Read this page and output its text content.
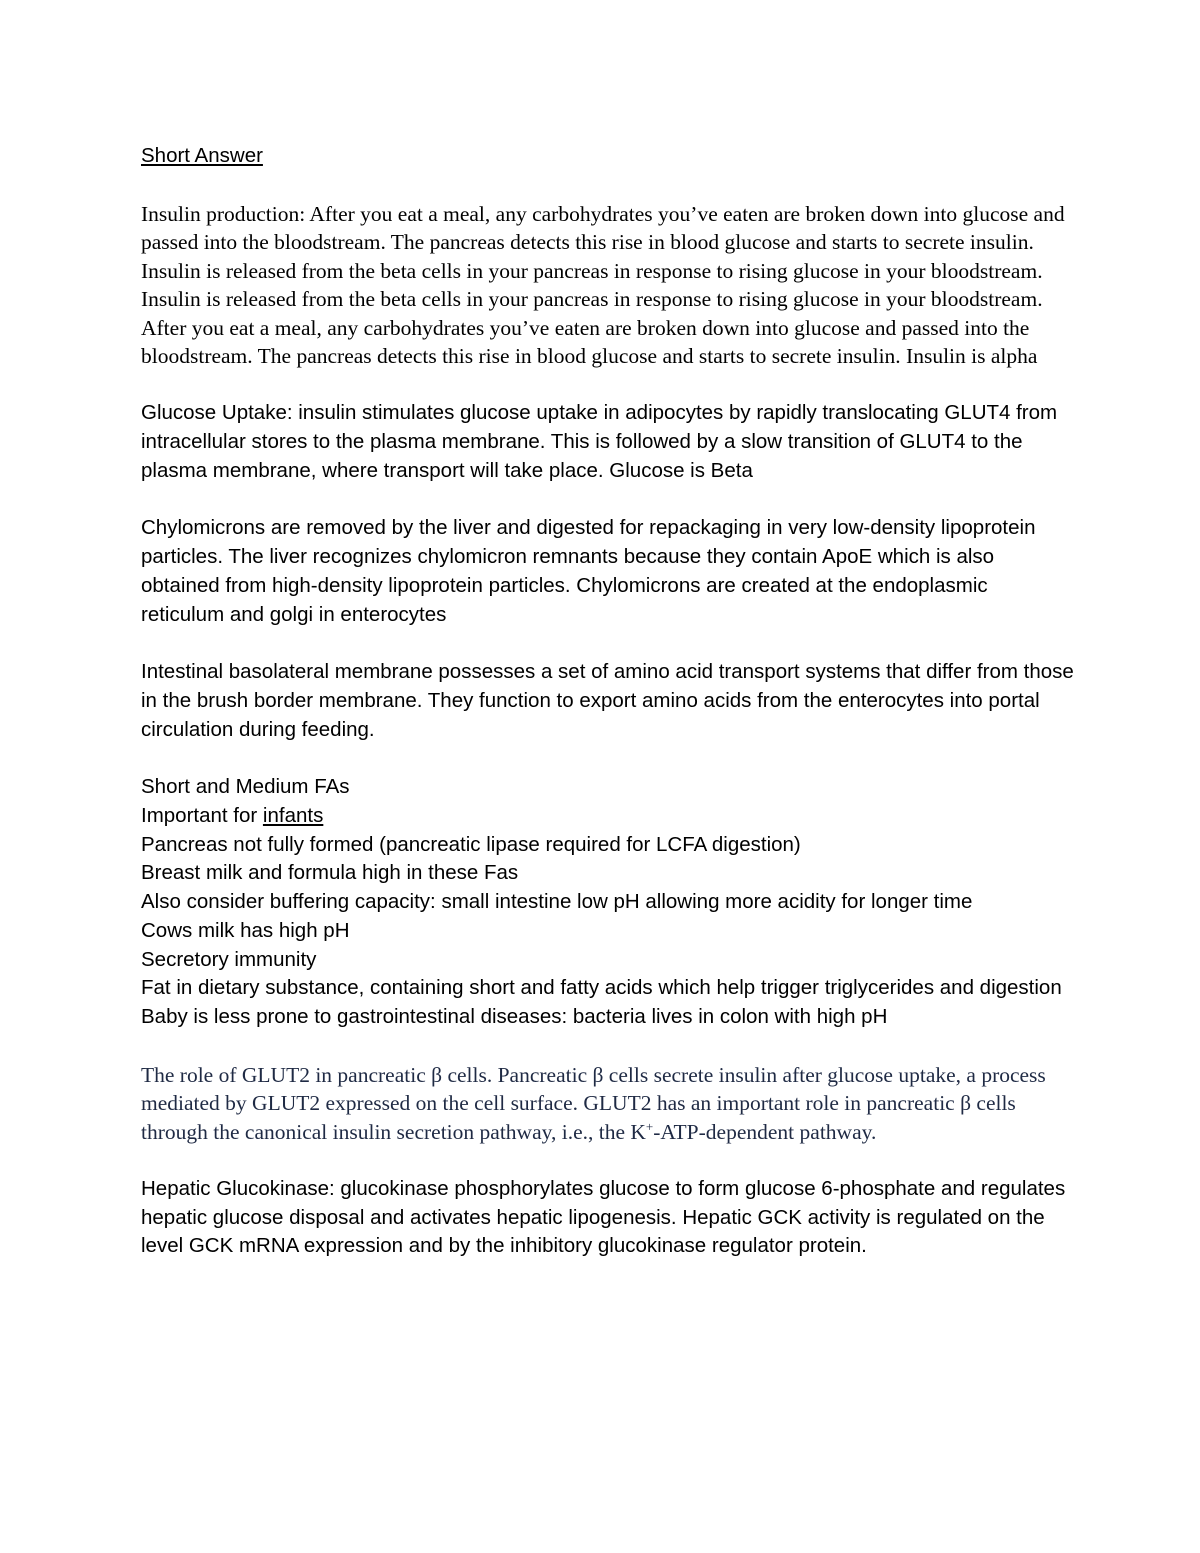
Short Answer

Insulin production: After you eat a meal, any carbohydrates you’ve eaten are broken down into glucose and passed into the bloodstream. The pancreas detects this rise in blood glucose and starts to secrete insulin. Insulin is released from the beta cells in your pancreas in response to rising glucose in your bloodstream. Insulin is released from the beta cells in your pancreas in response to rising glucose in your bloodstream. After you eat a meal, any carbohydrates you’ve eaten are broken down into glucose and passed into the bloodstream. The pancreas detects this rise in blood glucose and starts to secrete insulin. Insulin is alpha

Glucose Uptake: insulin stimulates glucose uptake in adipocytes by rapidly translocating GLUT4 from intracellular stores to the plasma membrane. This is followed by a slow transition of GLUT4 to the plasma membrane, where transport will take place. Glucose is Beta

Chylomicrons are removed by the liver and digested for repackaging in very low-density lipoprotein particles. The liver recognizes chylomicron remnants because they contain ApoE which is also obtained from high-density lipoprotein particles. Chylomicrons are created at the endoplasmic reticulum and golgi in enterocytes

Intestinal basolateral membrane possesses a set of amino acid transport systems that differ from those in the brush border membrane. They function to export amino acids from the enterocytes into portal circulation during feeding.

Short and Medium FAs
Important for infants
Pancreas not fully formed (pancreatic lipase required for LCFA digestion)
Breast milk and formula high in these Fas
Also consider buffering capacity: small intestine low pH allowing more acidity for longer time
Cows milk has high pH
Secretory immunity
Fat in dietary substance, containing short and fatty acids which help trigger triglycerides and digestion
Baby is less prone to gastrointestinal diseases: bacteria lives in colon with high pH

The role of GLUT2 in pancreatic β cells. Pancreatic β cells secrete insulin after glucose uptake, a process mediated by GLUT2 expressed on the cell surface. GLUT2 has an important role in pancreatic β cells through the canonical insulin secretion pathway, i.e., the K+-ATP-dependent pathway.

Hepatic Glucokinase: glucokinase phosphorylates glucose to form glucose 6-phosphate and regulates hepatic glucose disposal and activates hepatic lipogenesis. Hepatic GCK activity is regulated on the level GCK mRNA expression and by the inhibitory glucokinase regulator protein.
